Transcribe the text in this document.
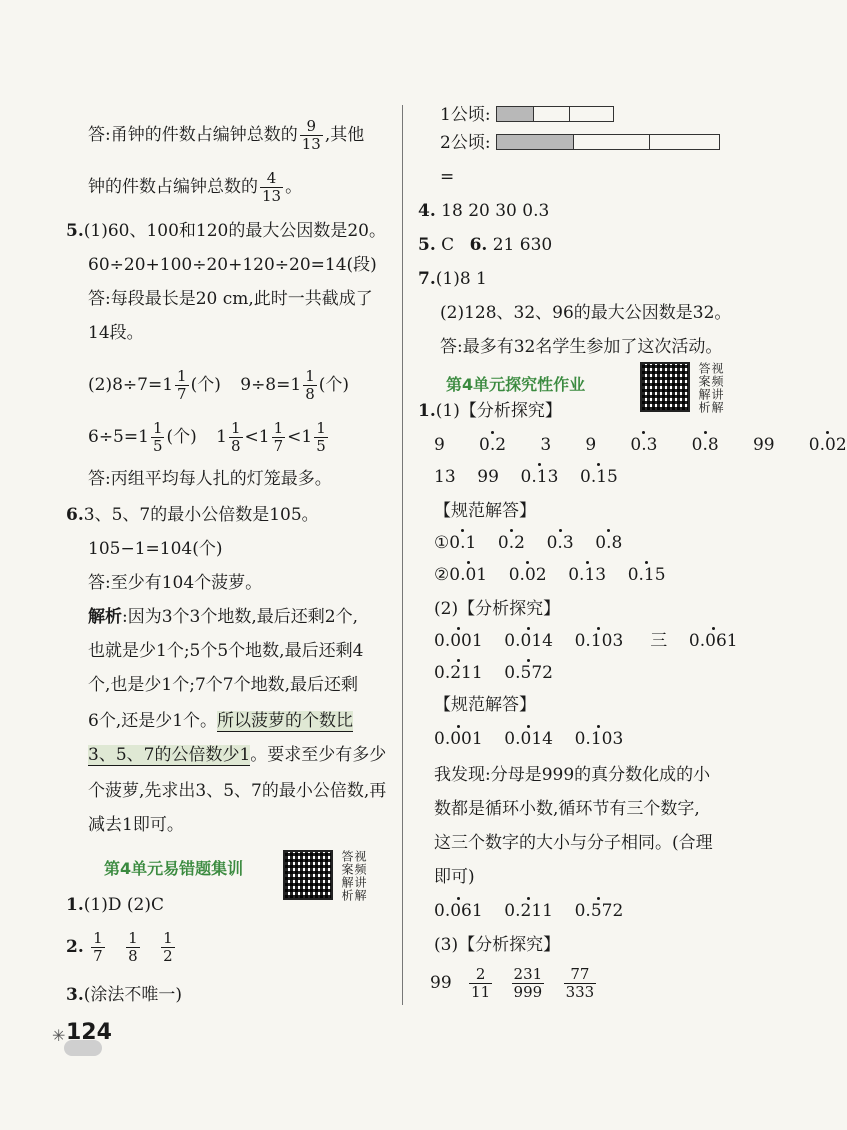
答:甬钟的件数占编钟总数的 $\frac{9}{13}$ ,其他
钟的件数占编钟总数的 $\frac{4}{13}$ 。
5.(1)60、100和120的最大公因数是20。
60÷20+100÷20+120÷20=14(段)
答:每段最长是20 cm,此时一共截成了
14段。
$(2)8\div 7=1 \frac{1}{7}$ (个) $9\div 8=1 \frac{1}{8}$ (个)
$6\div 5=1 \frac{1}{5}$ (个) $1 \frac{1}{8} <1 \frac{1}{7} <1 \frac{1}{5}$
答:丙组平均每人扎的灯笼最多。
6.3、5、7的最小公倍数是105。
105−1=104(个)
答:至少有104个菠萝。
解析:因为3个3个地数,最后还剩2个,
也就是少1个;5个5个地数,最后还剩4
个,也是少1个;7个7个地数,最后还剩
6个,还是少1个。所以菠萝的个数比
3、5、7的公倍数少1。要求至少有多少
个菠萝,先求出3、5、7的最小公倍数,再
减去1即可。
第4单元易错题集训	视频讲解答案解析
1.(1)D (2)C
2. $\frac{1}{7}$
$\frac{1}{8}$
$\frac{1}{2}$
3.(涂法不唯一)
✳ 124
1公顷:
2公顷:
=
4. 18 20 30 0.3
5. C 6. 21 630
7.(1)8 1
(2)128、32、96的最大公因数是32。
答:最多有32名学生参加了这次活动。
第4单元探究性作业	视频讲解答案解析
1.(1)【分析探究】
9 0.2 3 9 0.3 0.8 99 0.02
13 99 0.13 0.15
【规范解答】
①0.1 0.2 0.3 0.8
②0.01 0.02 0.13 0.15
(2)【分析探究】
0.001 0.014 0.103 三 0.061
0.211 0.572
【规范解答】
0.001 0.014 0.103
我发现:分母是999的真分数化成的小
数都是循环小数,循环节有三个数字,
这三个数字的大小与分子相同。(合理
即可)
0.061 0.211 0.572
(3)【分析探究】
$99 \frac{2}{11}$
$\frac{231}{999}$
$\frac{77}{333}$
